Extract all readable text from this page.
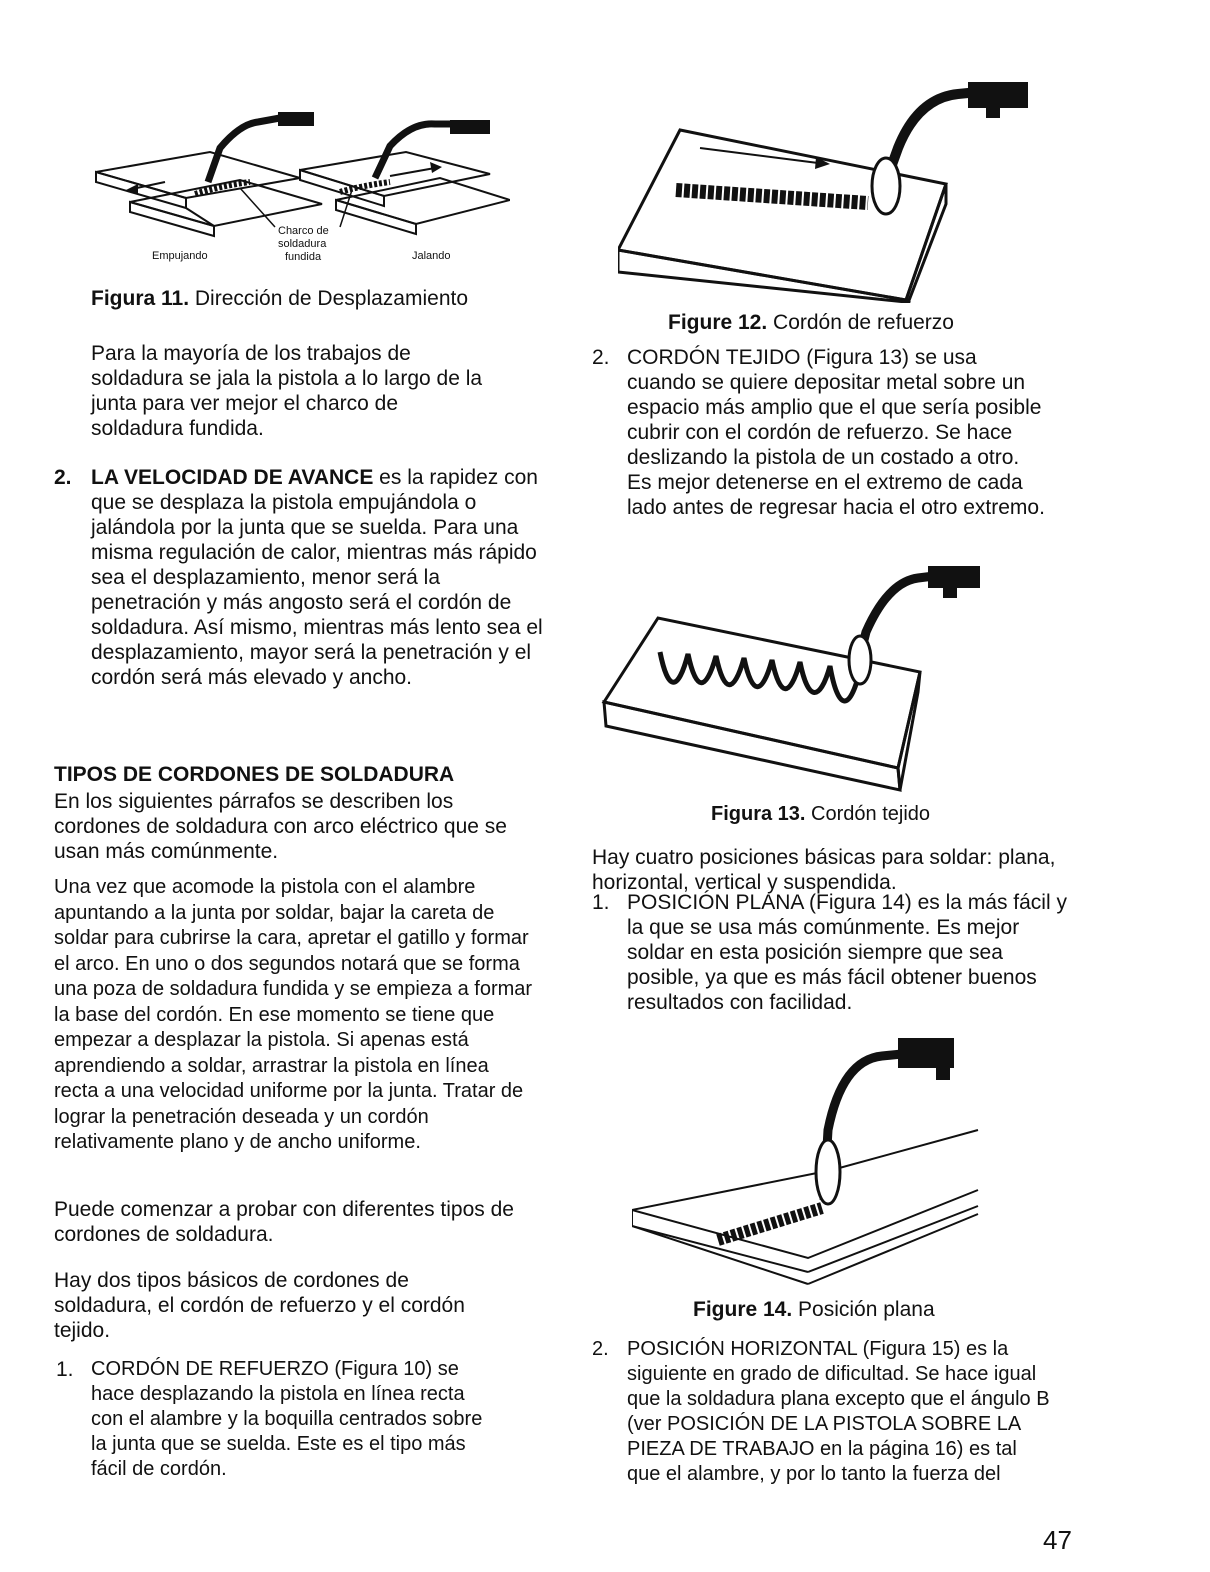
Empujando
Charco de
soldadura
fundida	Jalando
Figura 11. Dirección de Desplazamiento

Para la mayoría de los trabajos de soldadura se jala la pistola a lo largo de la junta para ver mejor el charco de soldadura fundida.

2. LA VELOCIDAD DE AVANCE es la rapidez con que se desplaza la pistola empujándola o jalándola por la junta que se suelda. Para una misma regulación de calor, mientras más rápido sea el desplazamiento, menor será la penetración y más angosto será el cordón de soldadura. Así mismo, mientras más lento sea el desplazamiento, mayor será la penetración y el cordón será más elevado y ancho.

TIPOS DE CORDONES DE SOLDADURA

En los siguientes párrafos se describen los cordones de soldadura con arco eléctrico que se usan más comúnmente.

Una vez que acomode la pistola con el alambre apuntando a la junta por soldar, bajar la careta de soldar para cubrirse la cara, apretar el gatillo y formar el arco. En uno o dos segundos notará que se forma una poza de soldadura fundida y se empieza a formar la base del cordón. En ese momento se tiene que empezar a desplazar la pistola. Si apenas está aprendiendo a soldar, arrastrar la pistola en línea recta a una velocidad uniforme por la junta. Tratar de lograr la penetración deseada y un cordón relativamente plano y de ancho uniforme.

Puede comenzar a probar con diferentes tipos de cordones de soldadura.

Hay dos tipos básicos de cordones de soldadura, el cordón de refuerzo y el cordón tejido.

1. CORDÓN DE REFUERZO (Figura 10) se hace desplazando la pistola en línea recta con el alambre y la boquilla centrados sobre la junta que se suelda. Este es el tipo más fácil de cordón.

Figure 12. Cordón de refuerzo
2. CORDÓN TEJIDO (Figura 13) se usa cuando se quiere depositar metal sobre un espacio más amplio que el que sería posible cubrir con el cordón de refuerzo. Se hace deslizando la pistola de un costado a otro. Es mejor detenerse en el extremo de cada lado antes de regresar hacia el otro extremo.

Figura 13. Cordón tejido

Hay cuatro posiciones básicas para soldar: plana, horizontal, vertical y suspendida.

1. POSICIÓN PLANA (Figura 14) es la más fácil y la que se usa más comúnmente. Es mejor soldar en esta posición siempre que sea posible, ya que es más fácil obtener buenos resultados con facilidad.

Figure 14. Posición plana
2. POSICIÓN HORIZONTAL (Figura 15) es la siguiente en grado de dificultad. Se hace igual que la soldadura plana excepto que el ángulo B (ver POSICIÓN DE LA PISTOLA SOBRE LA PIEZA DE TRABAJO en la página 16) es tal que el alambre, y por lo tanto la fuerza del

47
